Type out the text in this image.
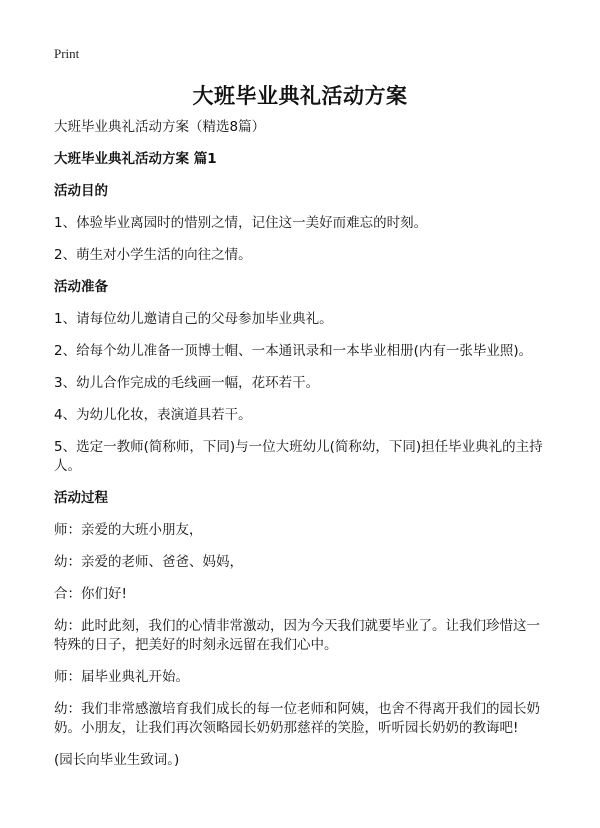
Print
大班毕业典礼活动方案

大班毕业典礼活动方案（精选8篇）

大班毕业典礼活动方案 篇1

活动目的

1、体验毕业离园时的惜别之情，记住这一美好而难忘的时刻。

2、萌生对小学生活的向往之情。

活动准备

1、请每位幼儿邀请自己的父母参加毕业典礼。

2、给每个幼儿准备一顶博士帽、一本通讯录和一本毕业相册(内有一张毕业照)。

3、幼儿合作完成的毛线画一幅，花环若干。

4、为幼儿化妆，表演道具若干。

5、选定一教师(简称师，下同)与一位大班幼儿(简称幼，下同)担任毕业典礼的主持人。

活动过程

师：亲爱的大班小朋友，

幼：亲爱的老师、爸爸、妈妈，

合：你们好!

幼：此时此刻，我们的心情非常激动，因为今天我们就要毕业了。让我们珍惜这一特殊的日子，把美好的时刻永远留在我们心中。

师：届毕业典礼开始。

幼：我们非常感激培育我们成长的每一位老师和阿姨，也舍不得离开我们的园长奶奶。小朋友，让我们再次领略园长奶奶那慈祥的笑脸，听听园长奶奶的教诲吧!

(园长向毕业生致词。)
